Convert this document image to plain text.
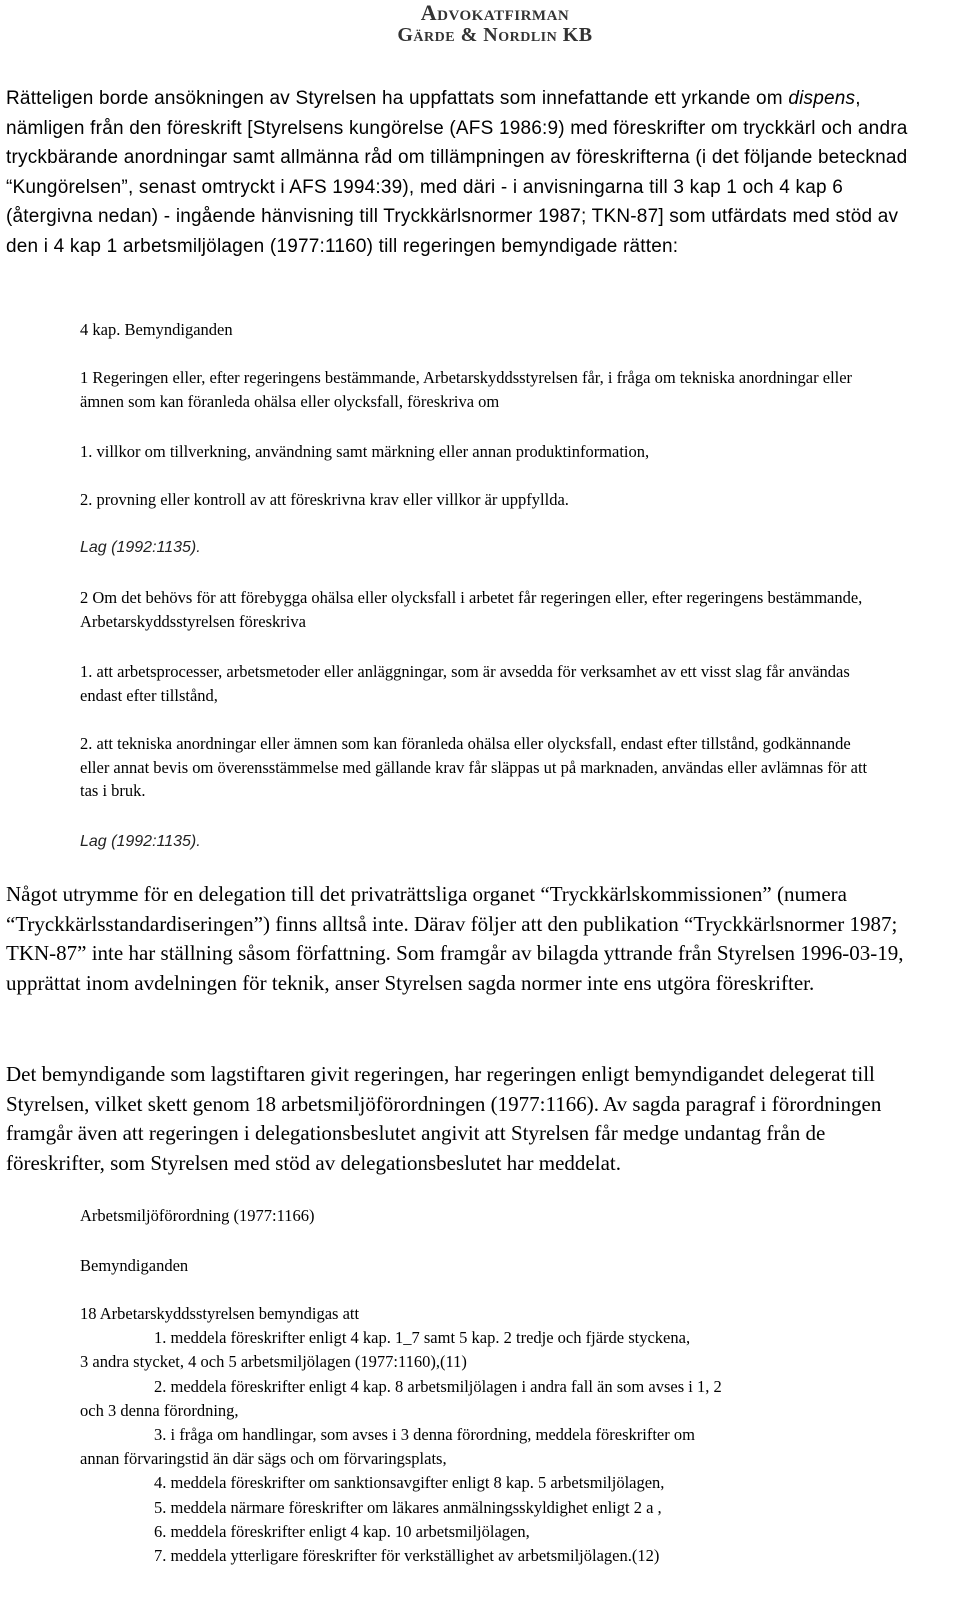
Advokatfirman
Gärde & Nordlin KB

Rätteligen borde ansökningen av Styrelsen ha uppfattats som innefattande ett yrkande om dispens, nämligen från den föreskrift [Styrelsens kungörelse (AFS 1986:9) med föreskrifter om tryckkärl och andra tryckbärande anordningar samt allmänna råd om tillämpningen av föreskrifterna (i det följande betecknad “Kungörelsen”, senast omtryckt i AFS 1994:39), med däri - i anvisningarna till 3 kap 1 och 4 kap 6 (återgivna nedan) - ingående hänvisning till Tryckkärlsnormer 1987; TKN-87] som utfärdats med stöd av den i 4 kap 1 arbetsmiljölagen (1977:1160) till regeringen bemyndigade rätten:

4 kap. Bemyndiganden

1 Regeringen eller, efter regeringens bestämmande, Arbetarskyddsstyrelsen får, i fråga om tekniska anordningar eller ämnen som kan föranleda ohälsa eller olycksfall, föreskriva om

1. villkor om tillverkning, användning samt märkning eller annan produktinformation,

2. provning eller kontroll av att föreskrivna krav eller villkor är uppfyllda.

Lag (1992:1135).

2 Om det behövs för att förebygga ohälsa eller olycksfall i arbetet får regeringen eller, efter regeringens bestämmande, Arbetarskyddsstyrelsen föreskriva

1. att arbetsprocesser, arbetsmetoder eller anläggningar, som är avsedda för verksamhet av ett visst slag får användas endast efter tillstånd,

2. att tekniska anordningar eller ämnen som kan föranleda ohälsa eller olycksfall, endast efter tillstånd, godkännande eller annat bevis om överensstämmelse med gällande krav får släppas ut på marknaden, användas eller avlämnas för att tas i bruk.

Lag (1992:1135).

Något utrymme för en delegation till det privaträttsliga organet “Tryckkärlskommissionen” (numera “Tryckkärlsstandardiseringen”) finns alltså inte. Därav följer att den publikation “Tryckkärlsnormer 1987; TKN-87” inte har ställning såsom författning. Som framgår av bilagda yttrande från Styrelsen 1996-03-19, upprättat inom avdelningen för teknik, anser Styrelsen sagda normer inte ens utgöra föreskrifter.

Det bemyndigande som lagstiftaren givit regeringen, har regeringen enligt bemyndigandet delegerat till Styrelsen, vilket skett genom 18 arbetsmiljöförordningen (1977:1166). Av sagda paragraf i förordningen framgår även att regeringen i delegationsbeslutet angivit att Styrelsen får medge undantag från de föreskrifter, som Styrelsen med stöd av delegationsbeslutet har meddelat.

Arbetsmiljöförordning (1977:1166)

Bemyndiganden

18 Arbetarskyddsstyrelsen bemyndigas att
1. meddela föreskrifter enligt 4 kap. 1_7 samt 5 kap. 2 tredje och fjärde styckena,
3 andra stycket, 4 och 5 arbetsmiljölagen (1977:1160),(11)
2. meddela föreskrifter enligt 4 kap. 8 arbetsmiljölagen i andra fall än som avses i 1, 2
och 3 denna förordning,
3. i fråga om handlingar, som avses i 3 denna förordning, meddela föreskrifter om
annan förvaringstid än där sägs och om förvaringsplats,
4. meddela föreskrifter om sanktionsavgifter enligt 8 kap. 5 arbetsmiljölagen,
5. meddela närmare föreskrifter om läkares anmälningsskyldighet enligt 2 a ,
6. meddela föreskrifter enligt 4 kap. 10 arbetsmiljölagen,
7. meddela ytterligare föreskrifter för verkställighet av arbetsmiljölagen.(12)
